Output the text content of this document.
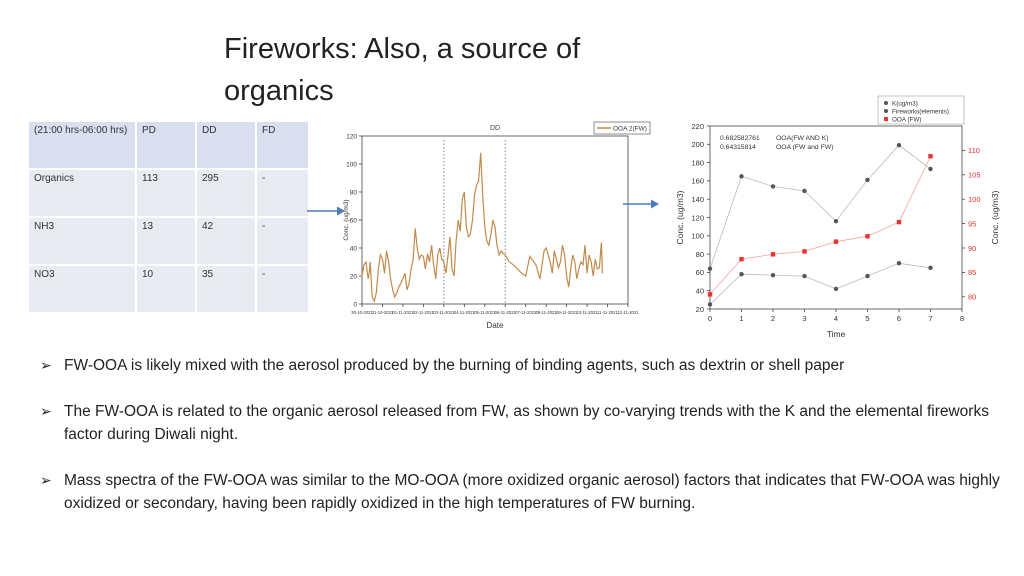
Fireworks: Also, a source of organics
(21:00 hrs-06:00 hrs)	PD	DD	FD
Organics	113	295	-
NH3	13	42	-
NO3	10	35	-
0
20
40
60
80
100
120
30-10-2021 31-10-2021 01-11-2021 02-11-2021 03-11-2021 04-11-2021 05-11-2021 06-11-2021 07-11-2021 08-11-2021 09-11-2021 10-11-2021 11-11-2021 12-11-2021
DD	OOA 2(FW)
Conc. (ug/m3)
Date
20
40
60
80
100
120
140
160
180
200
220
80
85
90
95
100
105
110
0	1	2	3	4	5	6	7	8
0.682582761 OOA(FW AND K)
0.64315814	OOA (FW and FW)
K(ug/m3)
Fireworks(elements)
OOA (FW)
Time
Conc. (ug/m3)	Conc. (ug/m3)
➢ FW-OOA is likely mixed with the aerosol produced by the burning of binding agents, such as dextrin or shell paper
➢ The FW-OOA is related to the organic aerosol released from FW, as shown by co-varying trends with the K and the elemental fireworks factor during Diwali night.
➢ Mass spectra of the FW-OOA was similar to the MO-OOA (more oxidized organic aerosol) factors that indicates that FW-OOA was highly oxidized or secondary, having been rapidly oxidized in the high temperatures of FW burning.
